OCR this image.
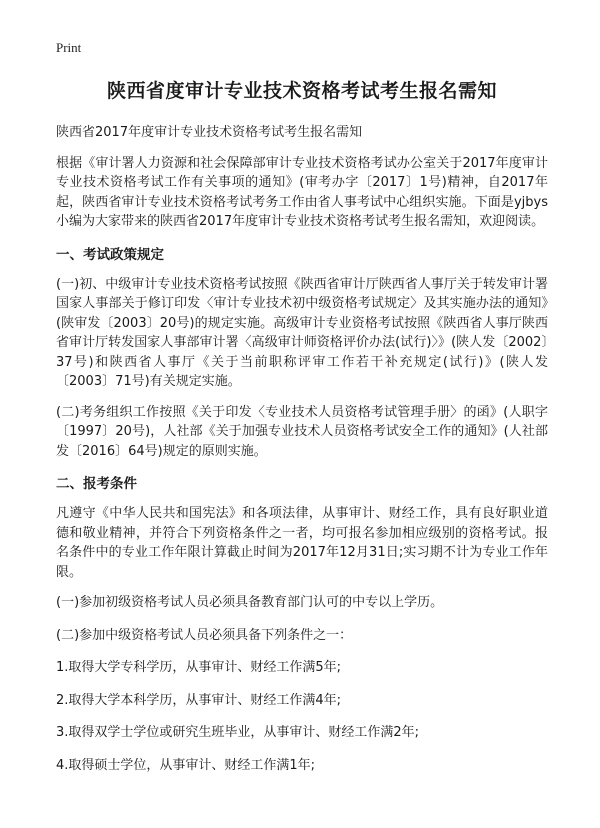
Print
陕西省度审计专业技术资格考试考生报名需知

陕西省2017年度审计专业技术资格考试考生报名需知

根据《审计署人力资源和社会保障部审计专业技术资格考试办公室关于2017年度审计专业技术资格考试工作有关事项的通知》(审考办字〔2017〕1号)精神，自2017年起，陕西省审计专业技术资格考试考务工作由省人事考试中心组织实施。下面是yjbys小编为大家带来的陕西省2017年度审计专业技术资格考试考生报名需知，欢迎阅读。

一、考试政策规定

(一)初、中级审计专业技术资格考试按照《陕西省审计厅陕西省人事厅关于转发审计署国家人事部关于修订印发〈审计专业技术初中级资格考试规定〉及其实施办法的通知》(陕审发〔2003〕20号)的规定实施。高级审计专业资格考试按照《陕西省人事厅陕西省审计厅转发国家人事部审计署〈高级审计师资格评价办法(试行)〉》(陕人发〔2002〕37号)和陕西省人事厅《关于当前职称评审工作若干补充规定(试行)》(陕人发〔2003〕71号)有关规定实施。

(二)考务组织工作按照《关于印发〈专业技术人员资格考试管理手册〉的函》(人职字〔1997〕20号)，人社部《关于加强专业技术人员资格考试安全工作的通知》(人社部发〔2016〕64号)规定的原则实施。

二、报考条件

凡遵守《中华人民共和国宪法》和各项法律，从事审计、财经工作，具有良好职业道德和敬业精神，并符合下列资格条件之一者，均可报名参加相应级别的资格考试。报名条件中的专业工作年限计算截止时间为2017年12月31日;实习期不计为专业工作年限。

(一)参加初级资格考试人员必须具备教育部门认可的中专以上学历。

(二)参加中级资格考试人员必须具备下列条件之一：

1.取得大学专科学历，从事审计、财经工作满5年;

2.取得大学本科学历，从事审计、财经工作满4年;

3.取得双学士学位或研究生班毕业，从事审计、财经工作满2年;

4.取得硕士学位，从事审计、财经工作满1年;
